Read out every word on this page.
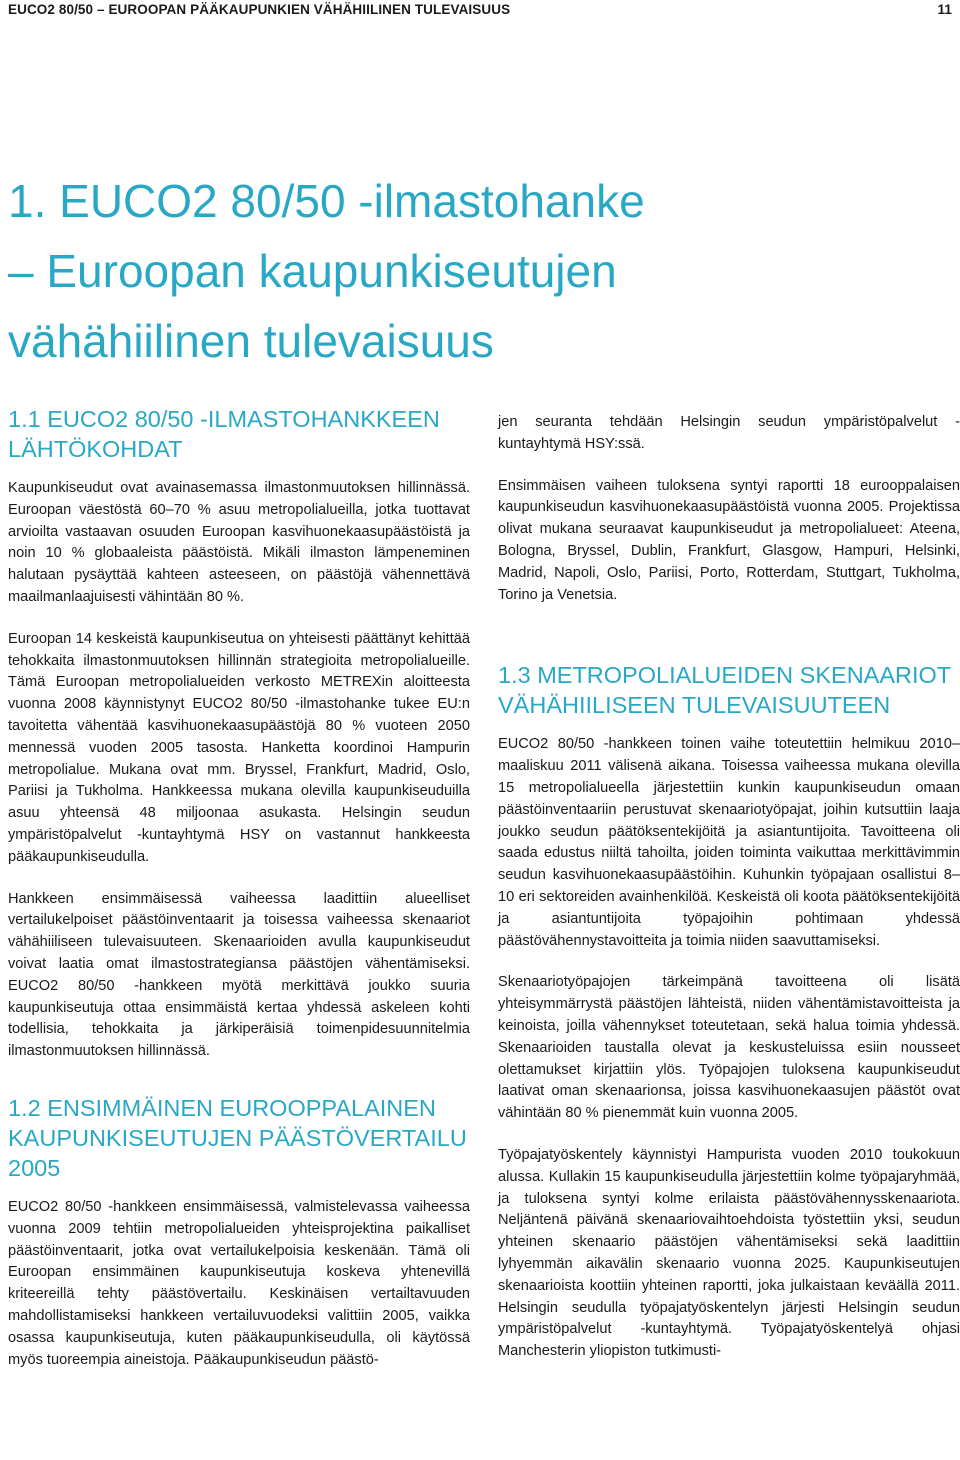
EUCO2 80/50 – EUROOPAN PÄÄKAUPUNKIEN VÄHÄHIILINEN TULEVAISUUS	11
1. EUCO2 80/50 -ilmastohanke
– Euroopan kaupunkiseutujen
vähähiilinen tulevaisuus
1.1 EUCO2 80/50 -ILMASTOHANKKEEN LÄHTÖKOHDAT

Kaupunkiseudut ovat avainasemassa ilmastonmuutoksen hillinnässä. Euroopan väestöstä 60–70 % asuu metropolialueilla, jotka tuottavat arvioilta vastaavan osuuden Euroopan kasvihuonekaasupäästöistä ja noin 10 % globaaleista päästöistä. Mikäli ilmaston lämpeneminen halutaan pysäyttää kahteen asteeseen, on päästöjä vähennettävä maailmanlaajuisesti vähintään 80 %.

Euroopan 14 keskeistä kaupunkiseutua on yhteisesti päättänyt kehittää tehokkaita ilmastonmuutoksen hillinnän strategioita metropolialueille. Tämä Euroopan metropolialueiden verkosto METREXin aloitteesta vuonna 2008 käynnistynyt EUCO2 80/50 -ilmastohanke tukee EU:n tavoitetta vähentää kasvihuonekaasupäästöjä 80 % vuoteen 2050 mennessä vuoden 2005 tasosta. Hanketta koordinoi Hampurin metropolialue. Mukana ovat mm. Bryssel, Frankfurt, Madrid, Oslo, Pariisi ja Tukholma. Hankkeessa mukana olevilla kaupunkiseuduilla asuu yhteensä 48 miljoonaa asukasta. Helsingin seudun ympäristöpalvelut -kuntayhtymä HSY on vastannut hankkeesta pääkaupunkiseudulla.

Hankkeen ensimmäisessä vaiheessa laadittiin alueelliset vertailukelpoiset päästöinventaarit ja toisessa vaiheessa skenaariot vähähiiliseen tulevaisuuteen. Skenaarioiden avulla kaupunkiseudut voivat laatia omat ilmastostrategiansa päästöjen vähentämiseksi. EUCO2 80/50 -hankkeen myötä merkittävä joukko suuria kaupunkiseutuja ottaa ensimmäistä kertaa yhdessä askeleen kohti todellisia, tehokkaita ja järkiperäisiä toimenpidesuunnitelmia ilmastonmuutoksen hillinnässä.

1.2 ENSIMMÄINEN EUROOPPALAINEN KAUPUNKISEUTUJEN PÄÄSTÖVERTAILU 2005

EUCO2 80/50 -hankkeen ensimmäisessä, valmistelevassa vaiheessa vuonna 2009 tehtiin metropolialueiden yhteisprojektina paikalliset päästöinventaarit, jotka ovat vertailukelpoisia keskenään. Tämä oli Euroopan ensimmäinen kaupunkiseutuja koskeva yhtenevillä kriteereillä tehty päästövertailu. Keskinäisen vertailtavuuden mahdollistamiseksi hankkeen vertailuvuodeksi valittiin 2005, vaikka osassa kaupunkiseutuja, kuten pääkaupunkiseudulla, oli käytössä myös tuoreempia aineistoja. Pääkaupunkiseudun päästö-

jen seuranta tehdään Helsingin seudun ympäristöpalvelut -kuntayhtymä HSY:ssä.

Ensimmäisen vaiheen tuloksena syntyi raportti 18 eurooppalaisen kaupunkiseudun kasvihuonekaasupäästöistä vuonna 2005. Projektissa olivat mukana seuraavat kaupunkiseudut ja metropolialueet: Ateena, Bologna, Bryssel, Dublin, Frankfurt, Glasgow, Hampuri, Helsinki, Madrid, Napoli, Oslo, Pariisi, Porto, Rotterdam, Stuttgart, Tukholma, Torino ja Venetsia.

1.3 METROPOLIALUEIDEN SKENAARIOT VÄHÄHIILISEEN TULEVAISUUTEEN

EUCO2 80/50 -hankkeen toinen vaihe toteutettiin helmikuu 2010–maaliskuu 2011 välisenä aikana. Toisessa vaiheessa mukana olevilla 15 metropolialueella järjestettiin kunkin kaupunkiseudun omaan päästöinventaariin perustuvat skenaariotyöpajat, joihin kutsuttiin laaja joukko seudun päätöksentekijöitä ja asiantuntijoita. Tavoitteena oli saada edustus niiltä tahoilta, joiden toiminta vaikuttaa merkittävimmin seudun kasvihuonekaasupäästöihin. Kuhunkin työpajaan osallistui 8–10 eri sektoreiden avainhenkilöä. Keskeistä oli koota päätöksentekijöitä ja asiantuntijoita työpajoihin pohtimaan yhdessä päästövähennystavoitteita ja toimia niiden saavuttamiseksi.

Skenaariotyöpajojen tärkeimpänä tavoitteena oli lisätä yhteisymmärrystä päästöjen lähteistä, niiden vähentämistavoitteista ja keinoista, joilla vähennykset toteutetaan, sekä halua toimia yhdessä. Skenaarioiden taustalla olevat ja keskusteluissa esiin nousseet olettamukset kirjattiin ylös. Työpajojen tuloksena kaupunkiseudut laativat oman skenaarionsa, joissa kasvihuonekaasujen päästöt ovat vähintään 80 % pienemmät kuin vuonna 2005.

Työpajatyöskentely käynnistyi Hampurista vuoden 2010 toukokuun alussa. Kullakin 15 kaupunkiseudulla järjestettiin kolme työpajaryhmää, ja tuloksena syntyi kolme erilaista päästövähennysskenaariota. Neljäntenä päivänä skenaariovaihtoehdoista työstettiin yksi, seudun yhteinen skenaario päästöjen vähentämiseksi sekä laadittiin lyhyemmän aikavälin skenaario vuonna 2025. Kaupunkiseutujen skenaarioista koottiin yhteinen raportti, joka julkaistaan keväällä 2011. Helsingin seudulla työpajatyöskentelyn järjesti Helsingin seudun ympäristöpalvelut -kuntayhtymä. Työpajatyöskentelyä ohjasi Manchesterin yliopiston tutkimusti-
